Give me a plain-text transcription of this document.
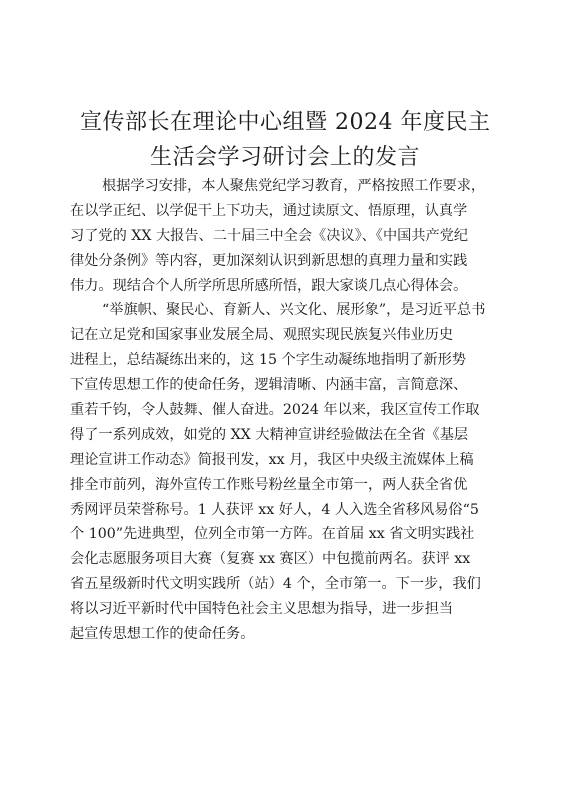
宣传部长在理论中心组暨 2024 年度民主
生活会学习研讨会上的发言
根据学习安排，本人聚焦党纪学习教育，严格按照工作要求，
在以学正纪、以学促干上下功夫，通过读原文、悟原理，认真学
习了党的 XX 大报告、二十届三中全会《决议》、《中国共产党纪
律处分条例》等内容，更加深刻认识到新思想的真理力量和实践
伟力。现结合个人所学所思所感所悟，跟大家谈几点心得体会。
“举旗帜、聚民心、育新人、兴文化、展形象”，是习近平总书
记在立足党和国家事业发展全局、观照实现民族复兴伟业历史
进程上，总结凝练出来的，这 15 个字生动凝练地指明了新形势
下宣传思想工作的使命任务，逻辑清晰、内涵丰富，言简意深、
重若千钧，令人鼓舞、催人奋进。2024 年以来，我区宣传工作取
得了一系列成效，如党的 XX 大精神宣讲经验做法在全省《基层
理论宣讲工作动态》简报刊发，xx 月，我区中央级主流媒体上稿
排全市前列，海外宣传工作账号粉丝量全市第一，两人获全省优
秀网评员荣誉称号。1 人获评 xx 好人，4 人入选全省移风易俗“5
个 100”先进典型，位列全市第一方阵。在首届 xx 省文明实践社
会化志愿服务项目大赛（复赛 xx 赛区）中包揽前两名。获评 xx
省五星级新时代文明实践所（站）4 个，全市第一。下一步，我们
将以习近平新时代中国特色社会主义思想为指导，进一步担当
起宣传思想工作的使命任务。
